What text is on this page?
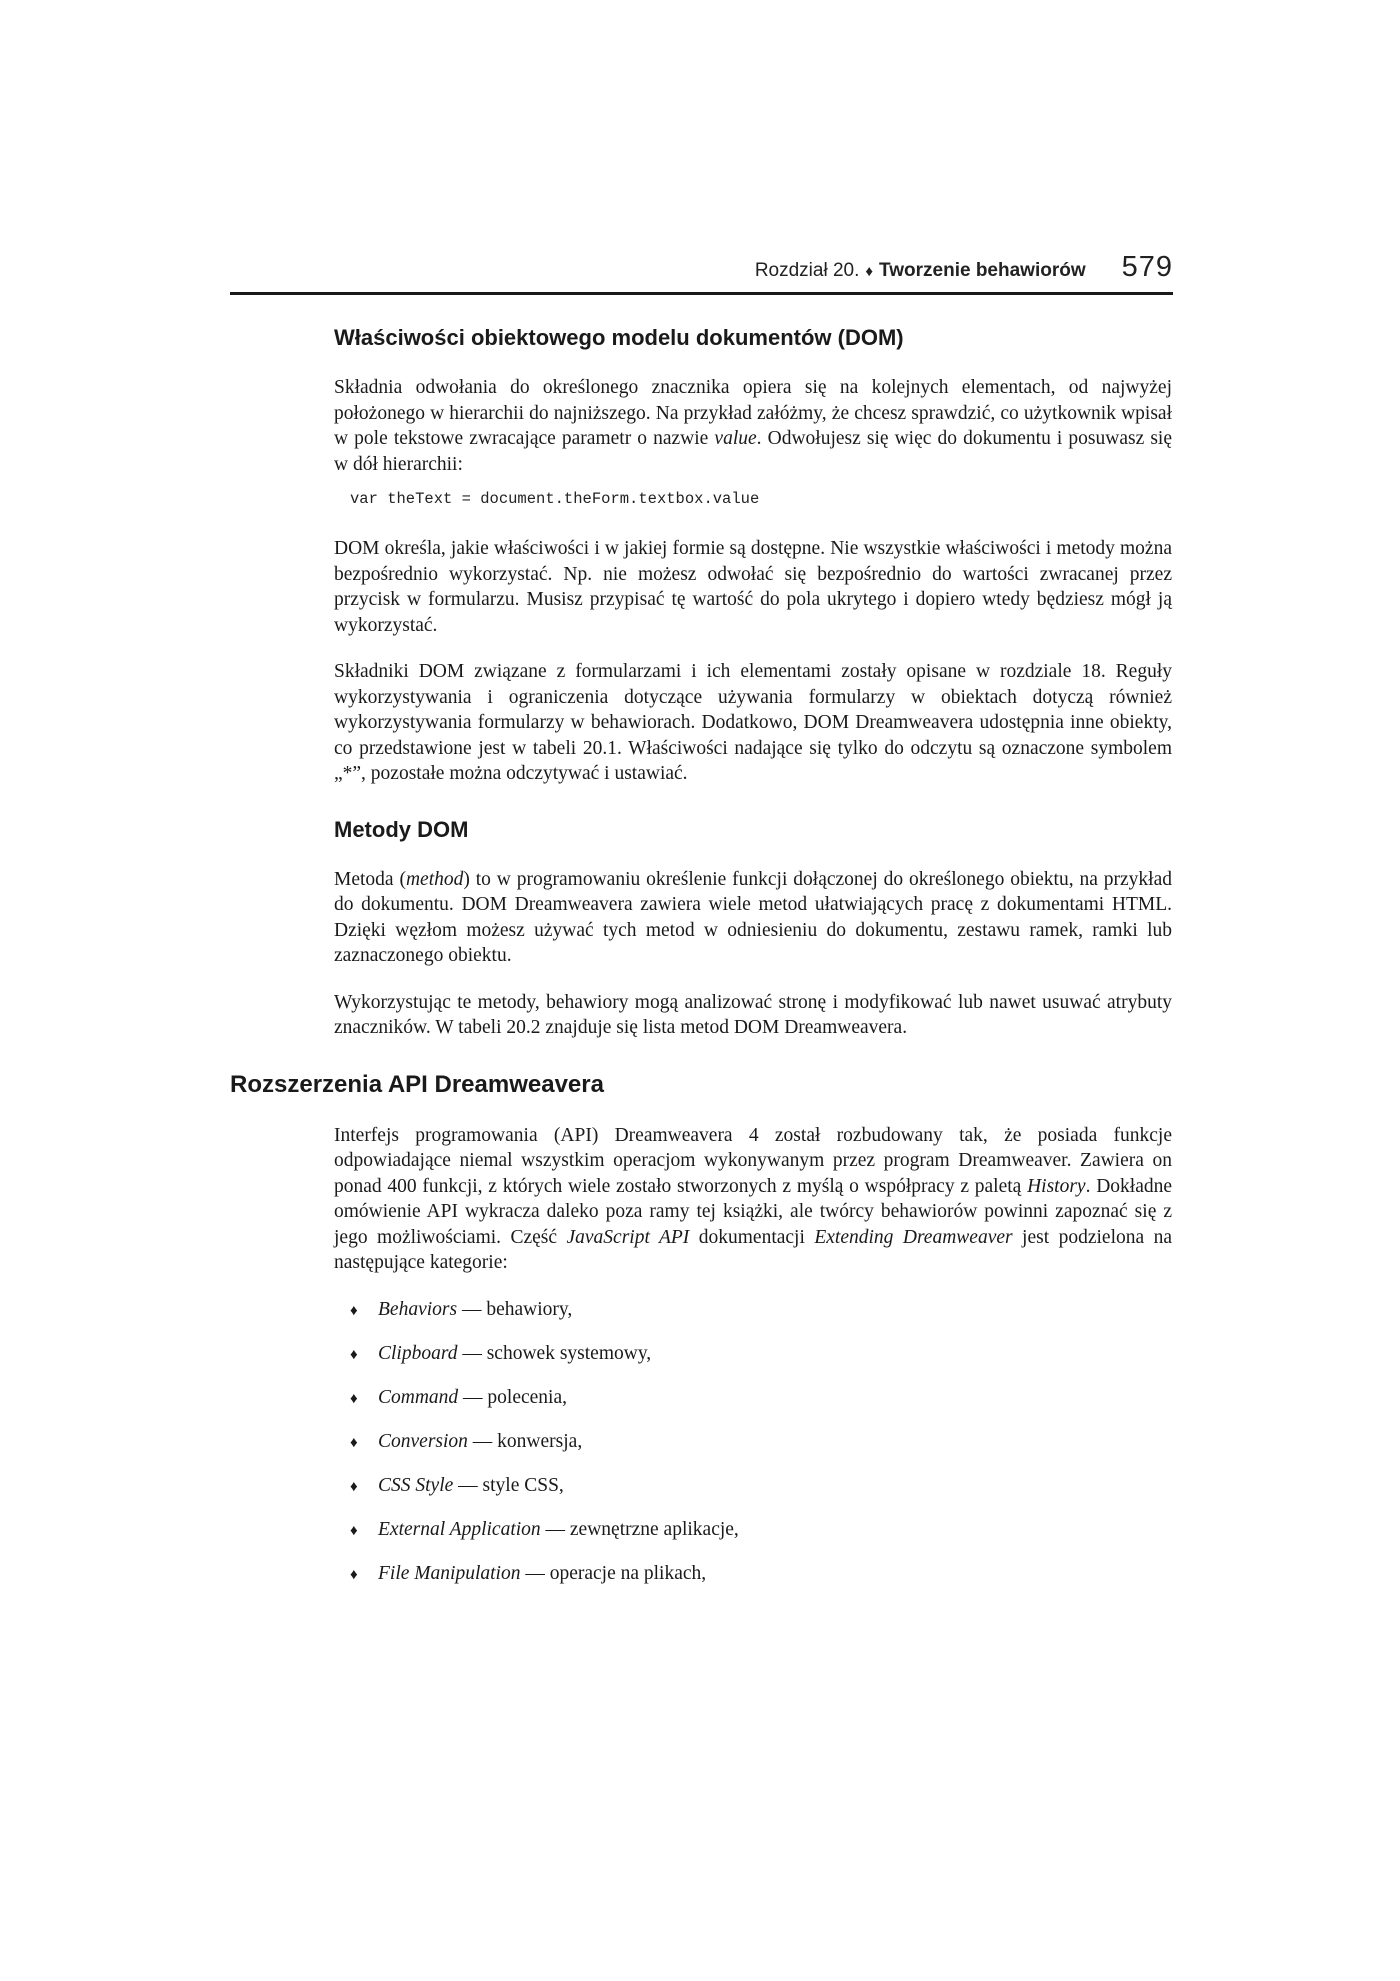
Rozdział 20. ♦ Tworzenie behawiorów 579
Właściwości obiektowego modelu dokumentów (DOM)

Składnia odwołania do określonego znacznika opiera się na kolejnych elementach, od najwyżej położonego w hierarchii do najniższego. Na przykład załóżmy, że chcesz sprawdzić, co użytkownik wpisał w pole tekstowe zwracające parametr o nazwie value. Odwołujesz się więc do dokumentu i posuwasz się w dół hierarchii:

var theText = document.theForm.textbox.value

DOM określa, jakie właściwości i w jakiej formie są dostępne. Nie wszystkie właściwości i metody można bezpośrednio wykorzystać. Np. nie możesz odwołać się bezpośrednio do wartości zwracanej przez przycisk w formularzu. Musisz przypisać tę wartość do pola ukrytego i dopiero wtedy będziesz mógł ją wykorzystać.

Składniki DOM związane z formularzami i ich elementami zostały opisane w rozdziale 18. Reguły wykorzystywania i ograniczenia dotyczące używania formularzy w obiektach dotyczą również wykorzystywania formularzy w behawiorach. Dodatkowo, DOM Dreamweavera udostępnia inne obiekty, co przedstawione jest w tabeli 20.1. Właściwości nadające się tylko do odczytu są oznaczone symbolem „*”, pozostałe można odczytywać i ustawiać.

Metody DOM

Metoda (method) to w programowaniu określenie funkcji dołączonej do określonego obiektu, na przykład do dokumentu. DOM Dreamweavera zawiera wiele metod ułatwiających pracę z dokumentami HTML. Dzięki węzłom możesz używać tych metod w odniesieniu do dokumentu, zestawu ramek, ramki lub zaznaczonego obiektu.

Wykorzystując te metody, behawiory mogą analizować stronę i modyfikować lub nawet usuwać atrybuty znaczników. W tabeli 20.2 znajduje się lista metod DOM Dreamweavera.

Rozszerzenia API Dreamweavera

Interfejs programowania (API) Dreamweavera 4 został rozbudowany tak, że posiada funkcje odpowiadające niemal wszystkim operacjom wykonywanym przez program Dreamweaver. Zawiera on ponad 400 funkcji, z których wiele zostało stworzonych z myślą o współpracy z paletą History. Dokładne omówienie API wykracza daleko poza ramy tej książki, ale twórcy behawiorów powinni zapoznać się z jego możliwościami. Część JavaScript API dokumentacji Extending Dreamweaver jest podzielona na następujące kategorie:

♦	Behaviors — behawiory,
♦	Clipboard — schowek systemowy,
♦	Command — polecenia,
♦	Conversion — konwersja,
♦	CSS Style — style CSS,
♦	External Application — zewnętrzne aplikacje,
♦	File Manipulation — operacje na plikach,
